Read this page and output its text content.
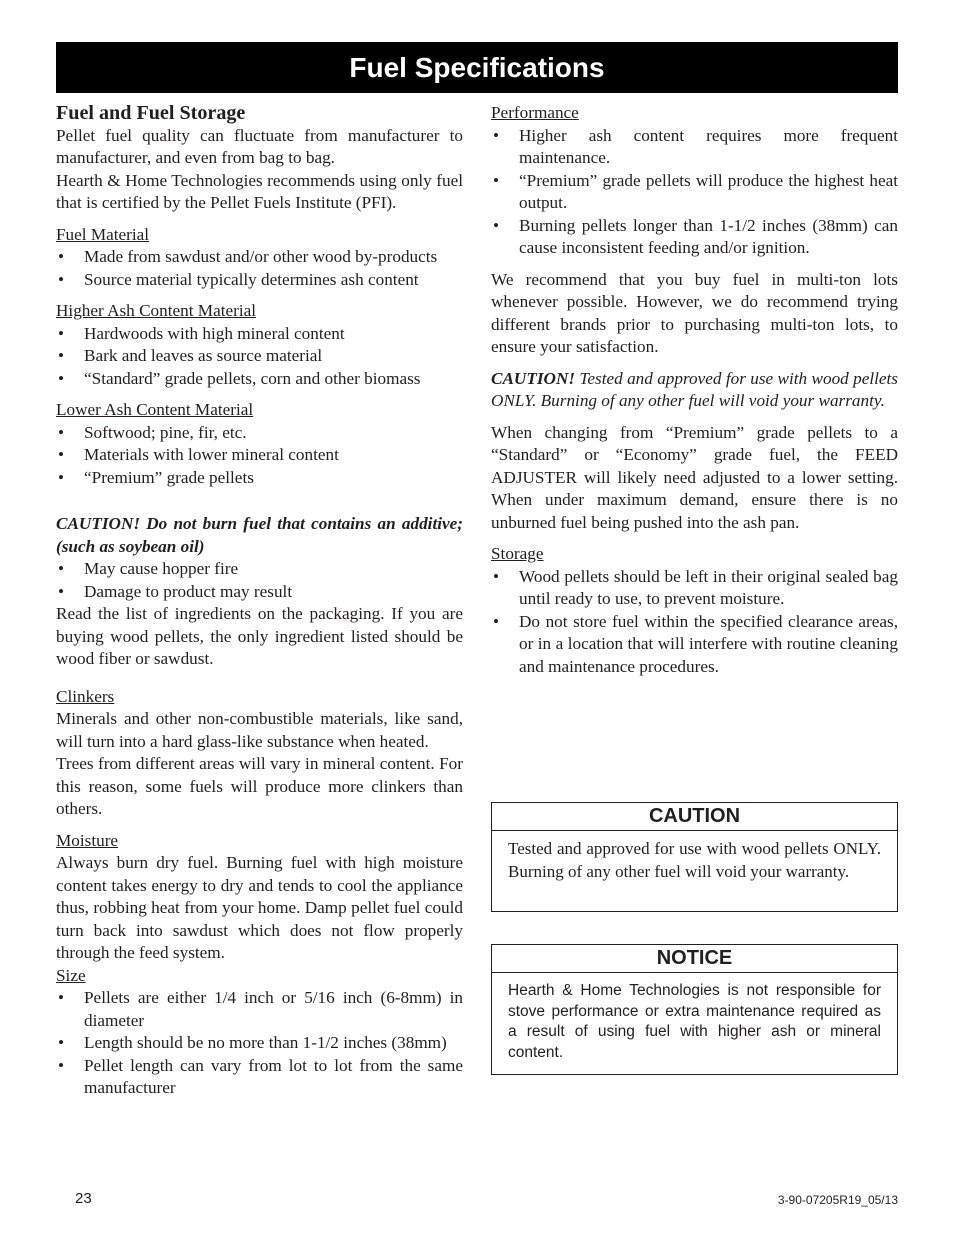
Fuel Specifications
Fuel and Fuel Storage

Pellet fuel quality can fluctuate from manufacturer to manufacturer, and even from bag to bag.

Hearth & Home Technologies recommends using only fuel that is certified by the Pellet Fuels Institute (PFI).

Fuel Material
• Made from sawdust and/or other wood by-products
• Source material typically determines ash content
Higher Ash Content Material
• Hardwoods with high mineral content
• Bark and leaves as source material
• “Standard” grade pellets, corn and other biomass
Lower Ash Content Material
• Softwood; pine, fir, etc.
• Materials with lower mineral content
• “Premium” grade pellets

CAUTION! Do not burn fuel that contains an additive; (such as soybean oil)

• May cause hopper fire
• Damage to product may result

Read the list of ingredients on the packaging. If you are buying wood pellets, the only ingredient listed should be wood fiber or sawdust.

Clinkers

Minerals and other non-combustible materials, like sand, will turn into a hard glass-like substance when heated.

Trees from different areas will vary in mineral content. For this reason, some fuels will produce more clinkers than others.

Moisture

Always burn dry fuel. Burning fuel with high moisture content takes energy to dry and tends to cool the appliance thus, robbing heat from your home. Damp pellet fuel could turn back into sawdust which does not flow properly through the feed system.

Size
• Pellets are either 1/4 inch or 5/16 inch (6-8mm) in diameter
• Length should be no more than 1-1/2 inches (38mm)
• Pellet length can vary from lot to lot from the same manufacturer
Performance
• Higher ash content requires more frequent maintenance.
• “Premium” grade pellets will produce the highest heat output.
• Burning pellets longer than 1-1/2 inches (38mm) can cause inconsistent feeding and/or ignition.

We recommend that you buy fuel in multi-ton lots whenever possible. However, we do recommend trying different brands prior to purchasing multi-ton lots, to ensure your satisfaction.

CAUTION! Tested and approved for use with wood pellets ONLY. Burning of any other fuel will void your warranty.

When changing from “Premium” grade pellets to a “Standard” or “Economy” grade fuel, the FEED ADJUSTER will likely need adjusted to a lower setting. When under maximum demand, ensure there is no unburned fuel being pushed into the ash pan.

Storage
• Wood pellets should be left in their original sealed bag until ready to use, to prevent moisture.
• Do not store fuel within the specified clearance areas, or in a location that will interfere with routine cleaning and maintenance procedures.
CAUTION
Tested and approved for use with wood pellets ONLY. Burning of any other fuel will void your warranty.
NOTICE
Hearth & Home Technologies is not responsible for stove performance or extra maintenance required as a result of using fuel with higher ash or mineral content.
23	3-90-07205R19_05/13
